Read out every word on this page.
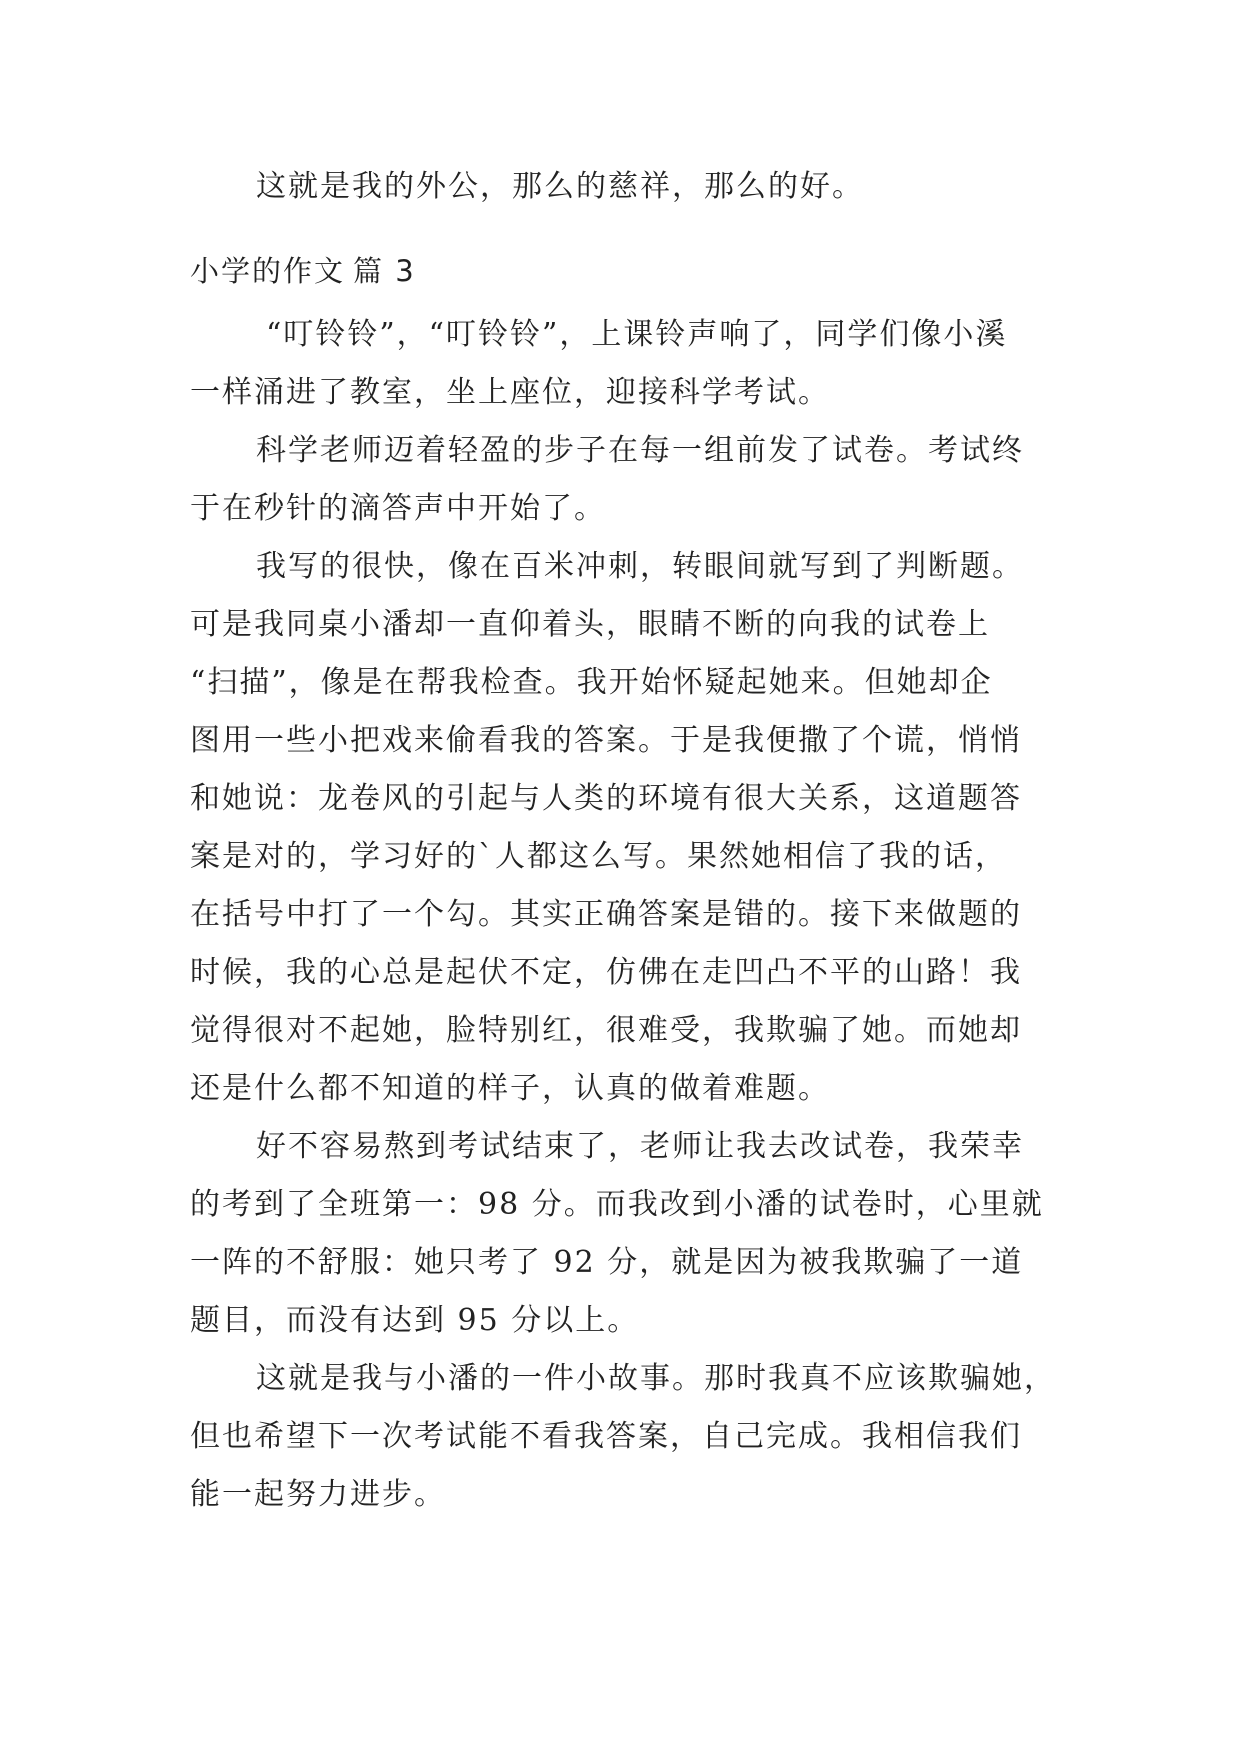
这就是我的外公，那么的慈祥，那么的好。
小学的作文 篇 3
“叮铃铃”，“叮铃铃”，上课铃声响了，同学们像小溪
一样涌进了教室，坐上座位，迎接科学考试。
科学老师迈着轻盈的步子在每一组前发了试卷。考试终
于在秒针的滴答声中开始了。
我写的很快，像在百米冲刺，转眼间就写到了判断题。
可是我同桌小潘却一直仰着头，眼睛不断的向我的试卷上
“扫描”，像是在帮我检查。我开始怀疑起她来。但她却企
图用一些小把戏来偷看我的答案。于是我便撒了个谎，悄悄
和她说：龙卷风的引起与人类的环境有很大关系，这道题答
案是对的，学习好的`人都这么写。果然她相信了我的话，
在括号中打了一个勾。其实正确答案是错的。接下来做题的
时候，我的心总是起伏不定，仿佛在走凹凸不平的山路！我
觉得很对不起她，脸特别红，很难受，我欺骗了她。而她却
还是什么都不知道的样子，认真的做着难题。
好不容易熬到考试结束了，老师让我去改试卷，我荣幸
的考到了全班第一：98 分。而我改到小潘的试卷时，心里就
一阵的不舒服：她只考了 92 分，就是因为被我欺骗了一道
题目，而没有达到 95 分以上。
这就是我与小潘的一件小故事。那时我真不应该欺骗她，
但也希望下一次考试能不看我答案，自己完成。我相信我们
能一起努力进步。
